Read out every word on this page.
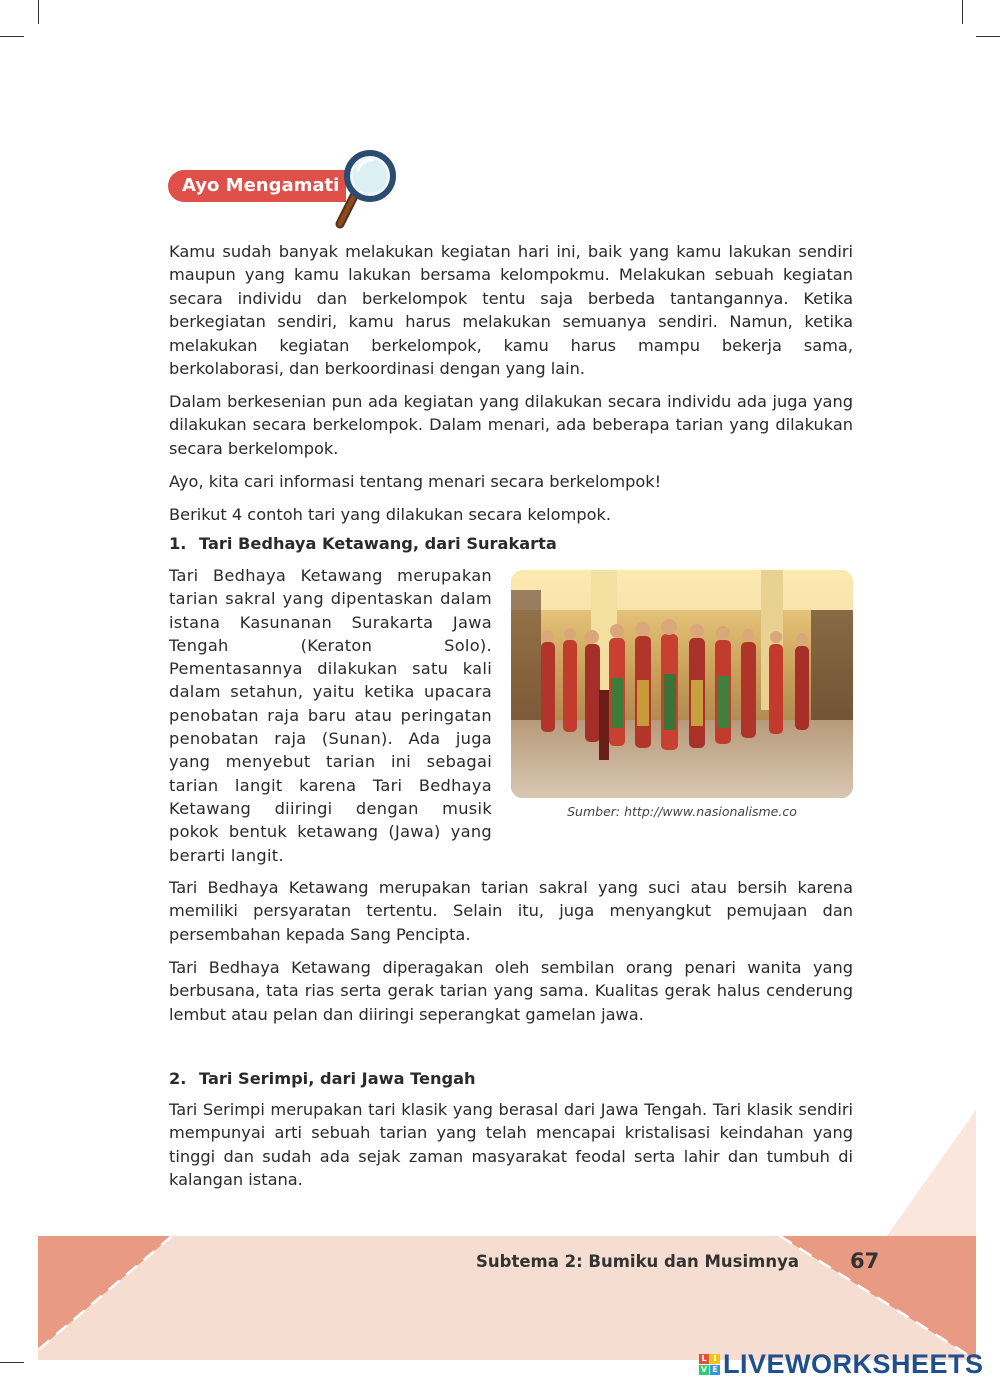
Ayo Mengamati

Kamu sudah banyak melakukan kegiatan hari ini, baik yang kamu lakukan sendiri maupun yang kamu lakukan bersama kelompokmu. Melakukan sebuah kegiatan secara individu dan berkelompok tentu saja berbeda tantangannya. Ketika berkegiatan sendiri, kamu harus melakukan semuanya sendiri. Namun, ketika melakukan kegiatan berkelompok, kamu harus mampu bekerja sama, berkolaborasi, dan berkoordinasi dengan yang lain.

Dalam berkesenian pun ada kegiatan yang dilakukan secara individu ada juga yang dilakukan secara berkelompok. Dalam menari, ada beberapa tarian yang dilakukan secara berkelompok.

Ayo, kita cari informasi tentang menari secara berkelompok!

Berikut 4 contoh tari yang dilakukan secara kelompok.

1. Tari Bedhaya Ketawang, dari Surakarta
Tari Bedhaya Ketawang merupakan tarian sakral yang dipentaskan dalam istana Kasunanan Surakarta Jawa Tengah (Keraton Solo). Pementasannya dilakukan satu kali dalam setahun, yaitu ketika upacara penobatan raja baru atau peringatan penobatan raja (Sunan). Ada juga yang menyebut tarian ini sebagai tarian langit karena Tari Bedhaya Ketawang diiringi dengan musik pokok bentuk ketawang (Jawa) yang berarti langit.
Sumber: http://www.nasionalisme.co

Tari Bedhaya Ketawang merupakan tarian sakral yang suci atau bersih karena memiliki persyaratan tertentu. Selain itu, juga menyangkut pemujaan dan persembahan kepada Sang Pencipta.

Tari Bedhaya Ketawang diperagakan oleh sembilan orang penari wanita yang berbusana, tata rias serta gerak tarian yang sama. Kualitas gerak halus cenderung lembut atau pelan dan diiringi seperangkat gamelan jawa.

2. Tari Serimpi, dari Jawa Tengah

Tari Serimpi merupakan tari klasik yang berasal dari Jawa Tengah. Tari klasik sendiri mempunyai arti sebuah tarian yang telah mencapai kristalisasi keindahan yang tinggi dan sudah ada sejak zaman masyarakat feodal serta lahir dan tumbuh di kalangan istana.

Subtema 2: Bumiku dan Musimnya 67
L I
V E LIVEWORKSHEETS
